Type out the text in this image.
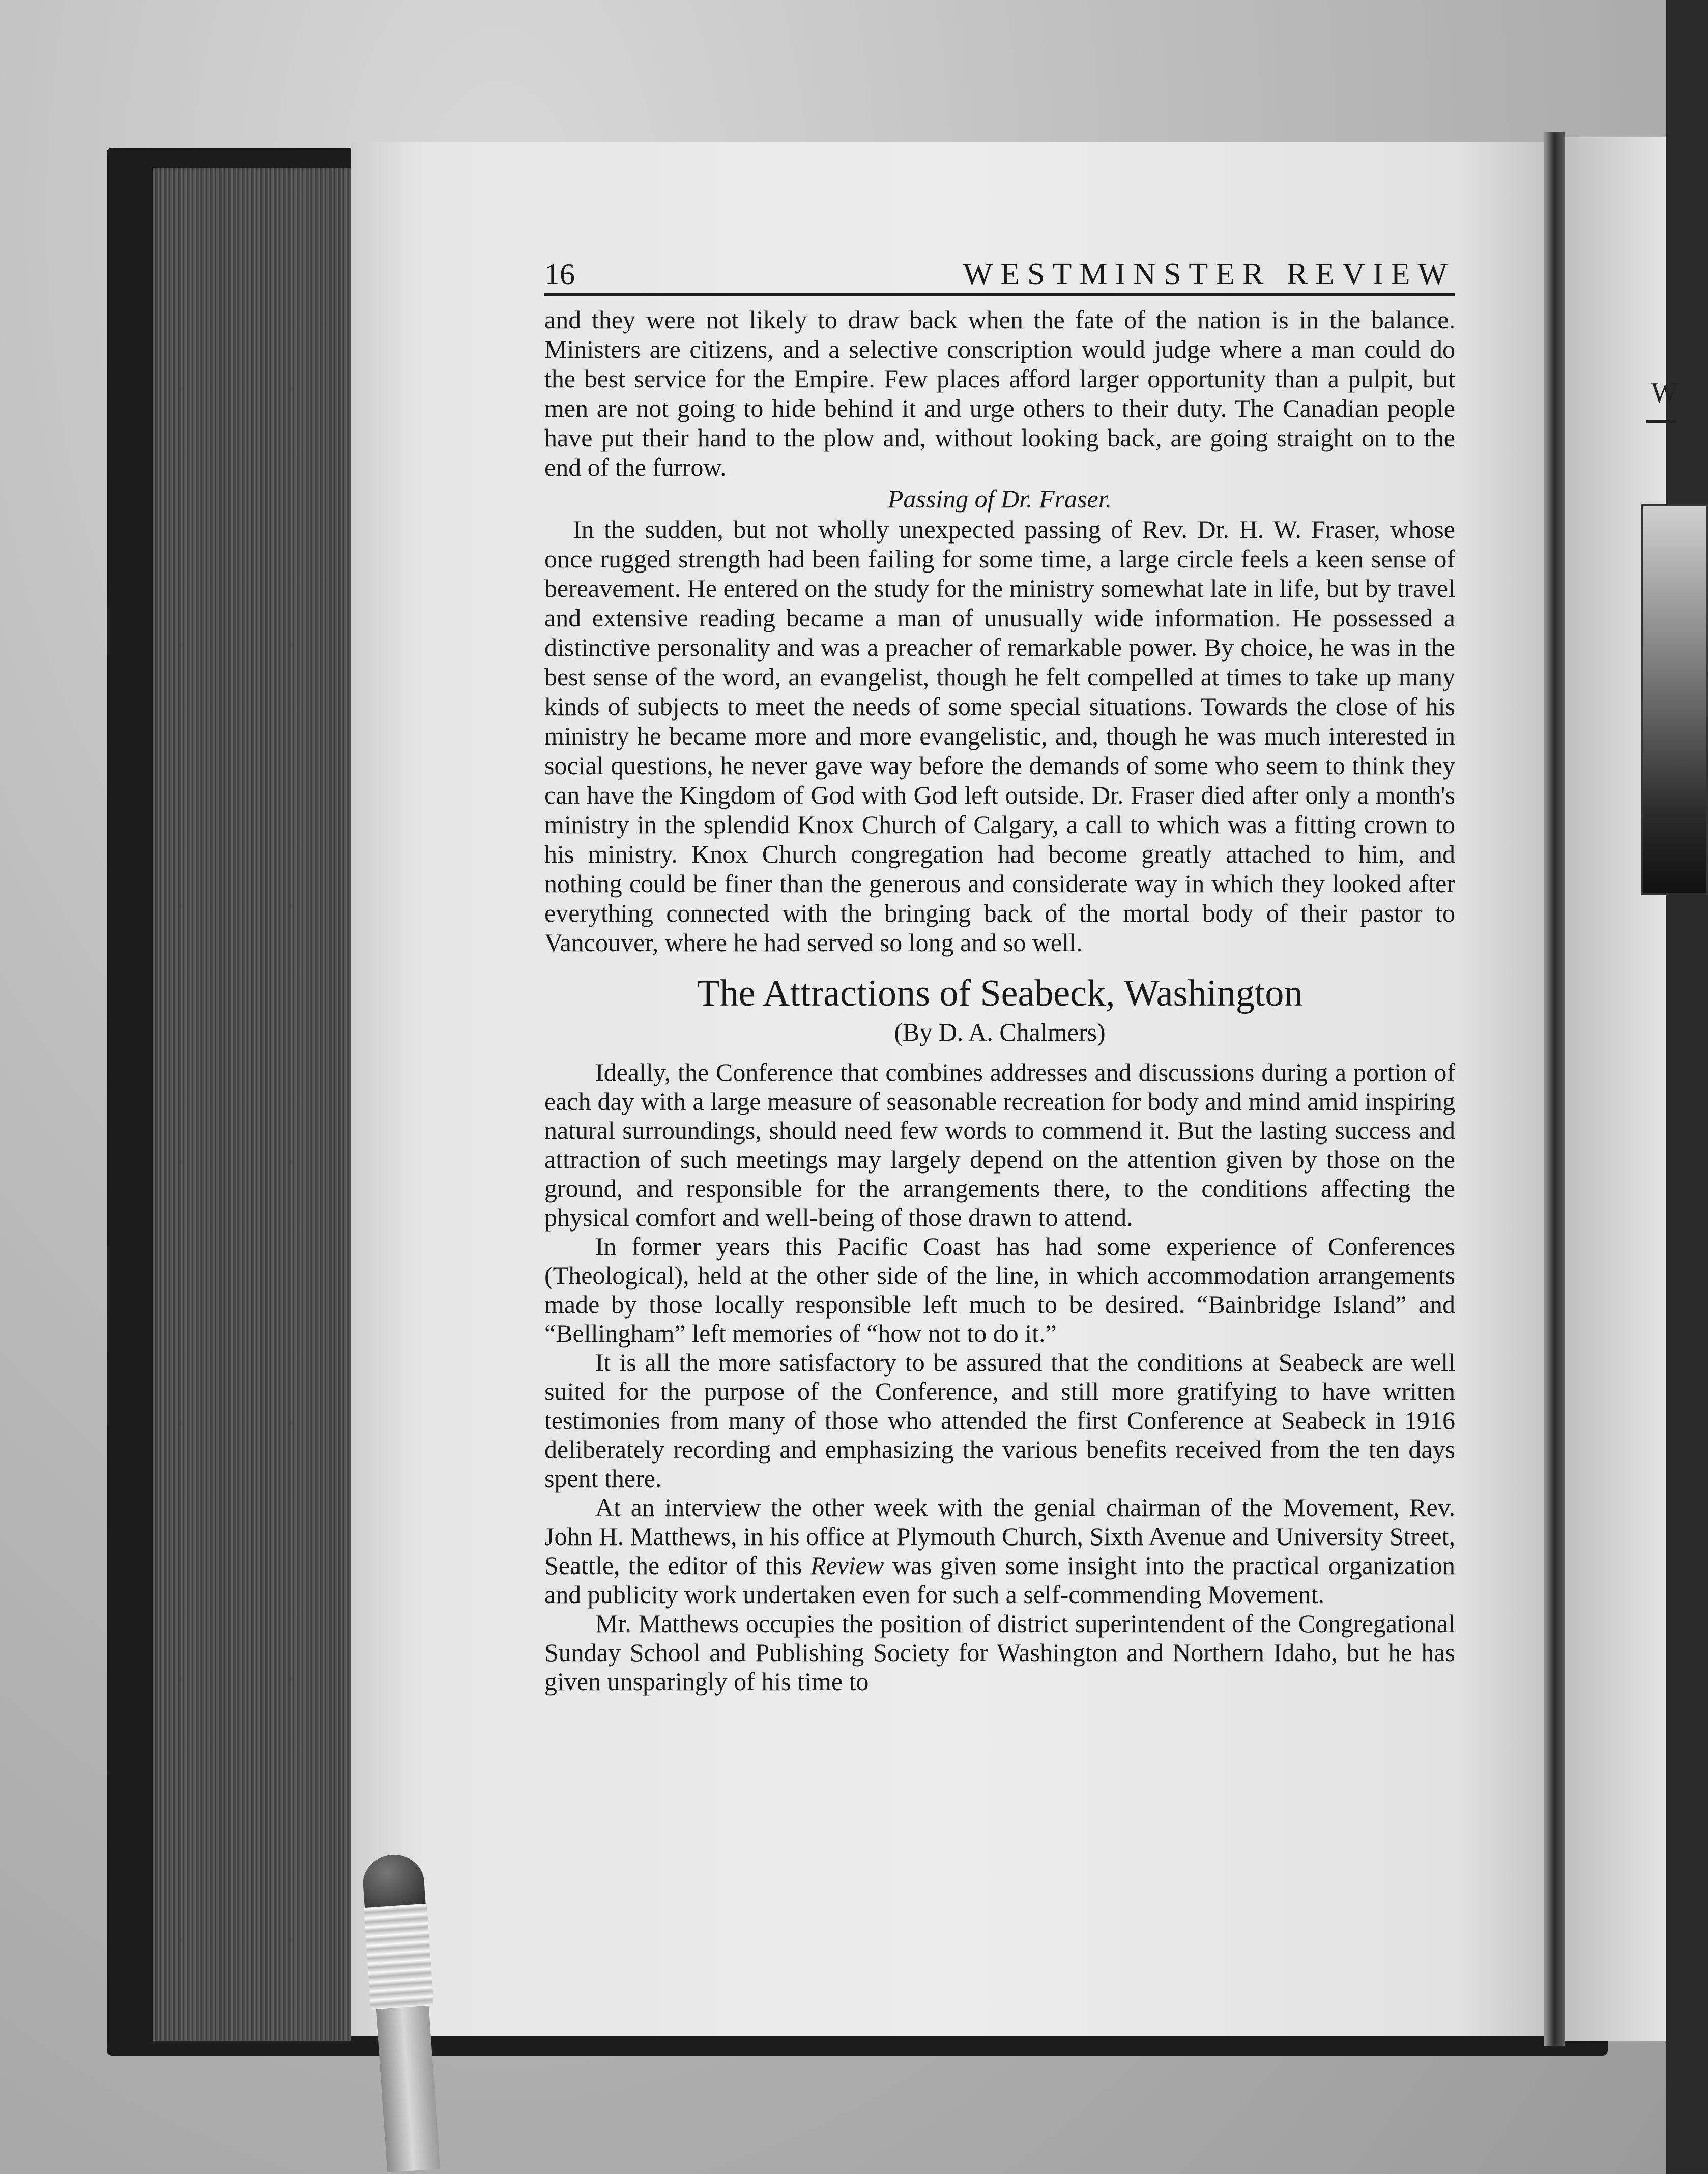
W
16	WESTMINSTER REVIEW

and they were not likely to draw back when the fate of the nation is in the balance. Ministers are citizens, and a selective conscription would judge where a man could do the best service for the Empire. Few places afford larger opportunity than a pulpit, but men are not going to hide behind it and urge others to their duty. The Canadian people have put their hand to the plow and, without looking back, are going straight on to the end of the furrow.

Passing of Dr. Fraser.

In the sudden, but not wholly unexpected passing of Rev. Dr. H. W. Fraser, whose once rugged strength had been failing for some time, a large circle feels a keen sense of bereavement. He entered on the study for the ministry somewhat late in life, but by travel and extensive reading became a man of unusually wide information. He possessed a distinctive personality and was a preacher of remarkable power. By choice, he was in the best sense of the word, an evangelist, though he felt compelled at times to take up many kinds of subjects to meet the needs of some special situations. Towards the close of his ministry he became more and more evangelistic, and, though he was much interested in social questions, he never gave way before the demands of some who seem to think they can have the Kingdom of God with God left outside. Dr. Fraser died after only a month's ministry in the splendid Knox Church of Calgary, a call to which was a fitting crown to his ministry. Knox Church congregation had become greatly attached to him, and nothing could be finer than the generous and considerate way in which they looked after everything connected with the bringing back of the mortal body of their pastor to Vancouver, where he had served so long and so well.

The Attractions of Seabeck, Washington
(By D. A. Chalmers)

Ideally, the Conference that combines addresses and discussions during a portion of each day with a large measure of seasonable recreation for body and mind amid inspiring natural surroundings, should need few words to commend it. But the lasting success and attraction of such meetings may largely depend on the attention given by those on the ground, and responsible for the arrangements there, to the conditions affecting the physical comfort and well-being of those drawn to attend.

In former years this Pacific Coast has had some experience of Conferences (Theological), held at the other side of the line, in which accommodation arrangements made by those locally responsible left much to be desired. “Bainbridge Island” and “Bellingham” left memories of “how not to do it.”

It is all the more satisfactory to be assured that the conditions at Seabeck are well suited for the purpose of the Conference, and still more gratifying to have written testimonies from many of those who attended the first Conference at Seabeck in 1916 deliberately recording and emphasizing the various benefits received from the ten days spent there.

At an interview the other week with the genial chairman of the Movement, Rev. John H. Matthews, in his office at Plymouth Church, Sixth Avenue and University Street, Seattle, the editor of this Review was given some insight into the practical organization and publicity work undertaken even for such a self-commending Movement.

Mr. Matthews occupies the position of district superintendent of the Congregational Sunday School and Publishing Society for Washington and Northern Idaho, but he has given unsparingly of his time to
